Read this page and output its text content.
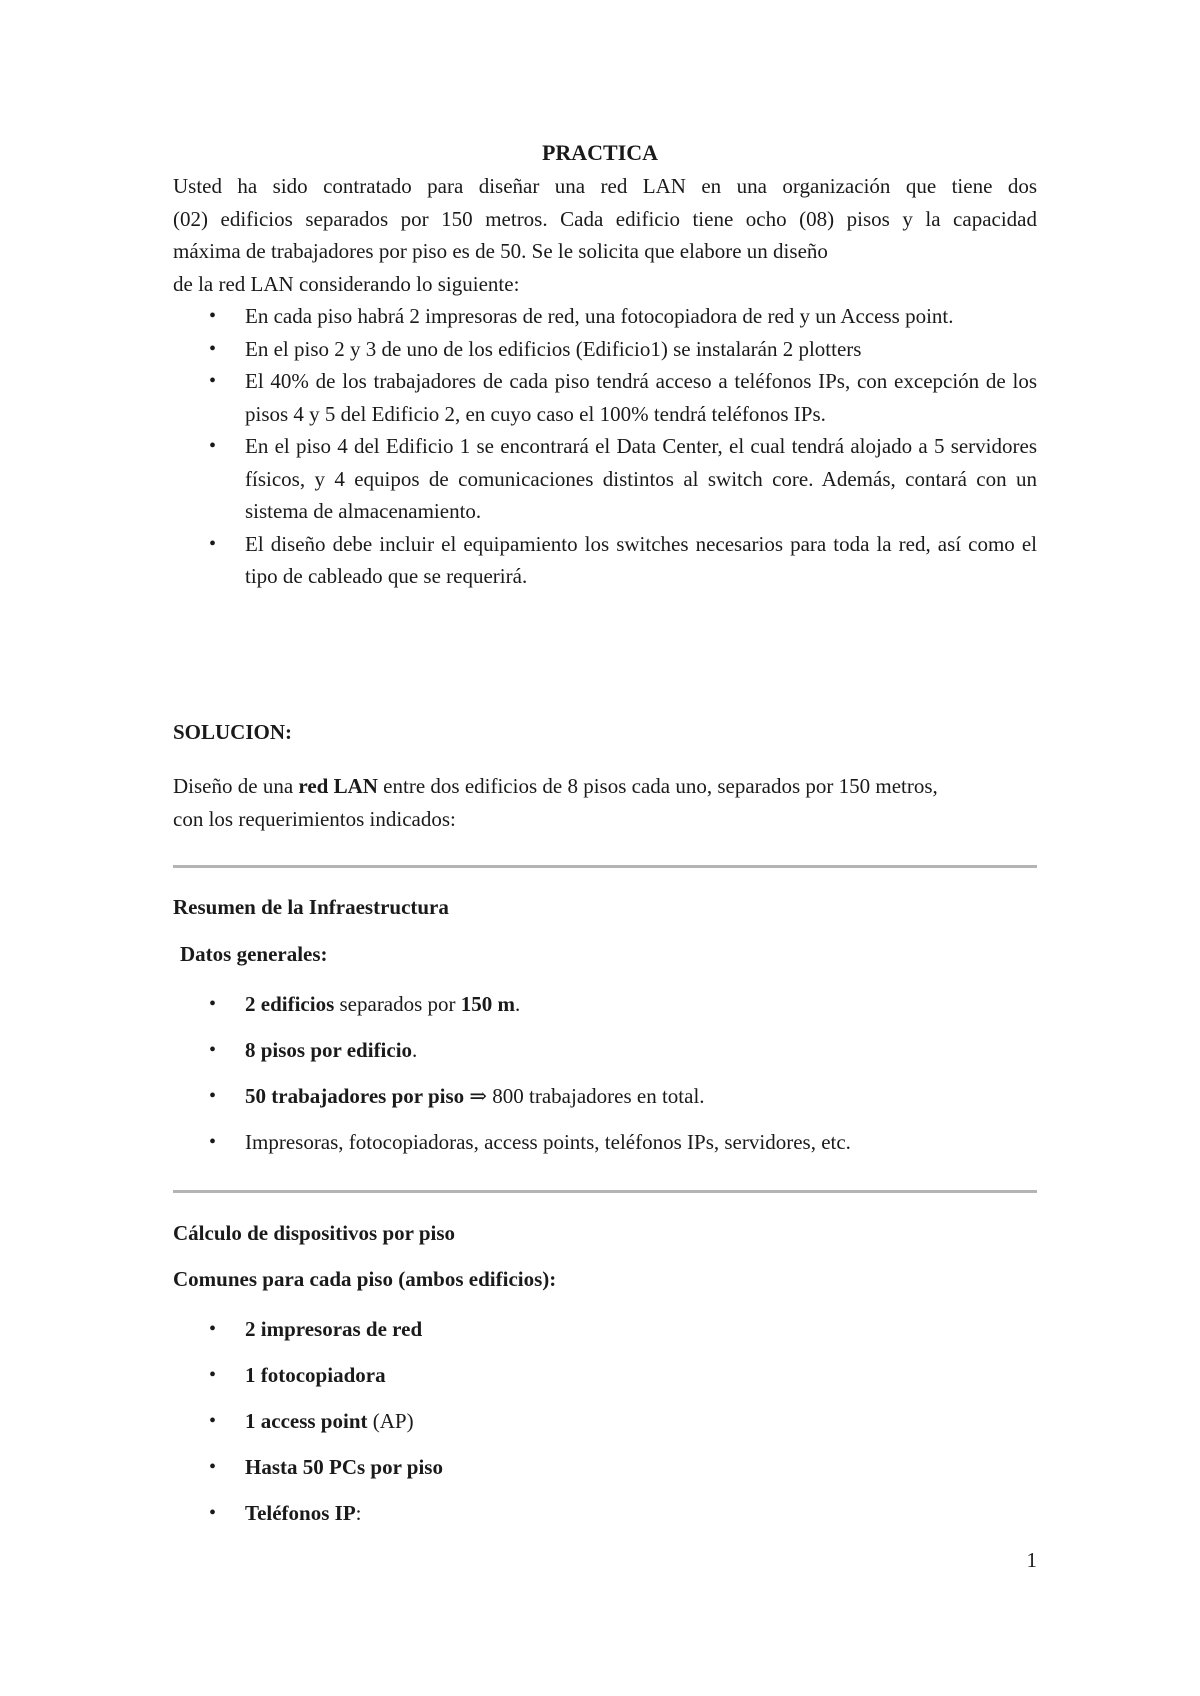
PRACTICA
Usted ha sido contratado para diseñar una red LAN en una organización que tiene dos
(02) edificios separados por 150 metros. Cada edificio tiene ocho (08) pisos y la capacidad
máxima de trabajadores por piso es de 50. Se le solicita que elabore un diseño
de la red LAN considerando lo siguiente:
• En cada piso habrá 2 impresoras de red, una fotocopiadora de red y un Access point.
• En el piso 2 y 3 de uno de los edificios (Edificio1) se instalarán 2 plotters
• El 40% de los trabajadores de cada piso tendrá acceso a teléfonos IPs, con excepción de los pisos 4 y 5 del Edificio 2, en cuyo caso el 100% tendrá teléfonos IPs.
• En el piso 4 del Edificio 1 se encontrará el Data Center, el cual tendrá alojado a 5 servidores físicos, y 4 equipos de comunicaciones distintos al switch core. Además, contará con un sistema de almacenamiento.
• El diseño debe incluir el equipamiento los switches necesarios para toda la red, así como el tipo de cableado que se requerirá.
SOLUCION:
Diseño de una red LAN entre dos edificios de 8 pisos cada uno, separados por 150 metros,
con los requerimientos indicados:
Resumen de la Infraestructura
Datos generales:
• 2 edificios separados por 150 m.
• 8 pisos por edificio.
• 50 trabajadores por piso ⇒ 800 trabajadores en total.
• Impresoras, fotocopiadoras, access points, teléfonos IPs, servidores, etc.
Cálculo de dispositivos por piso
Comunes para cada piso (ambos edificios):
• 2 impresoras de red
• 1 fotocopiadora
• 1 access point (AP)
• Hasta 50 PCs por piso
• Teléfonos IP:
1
